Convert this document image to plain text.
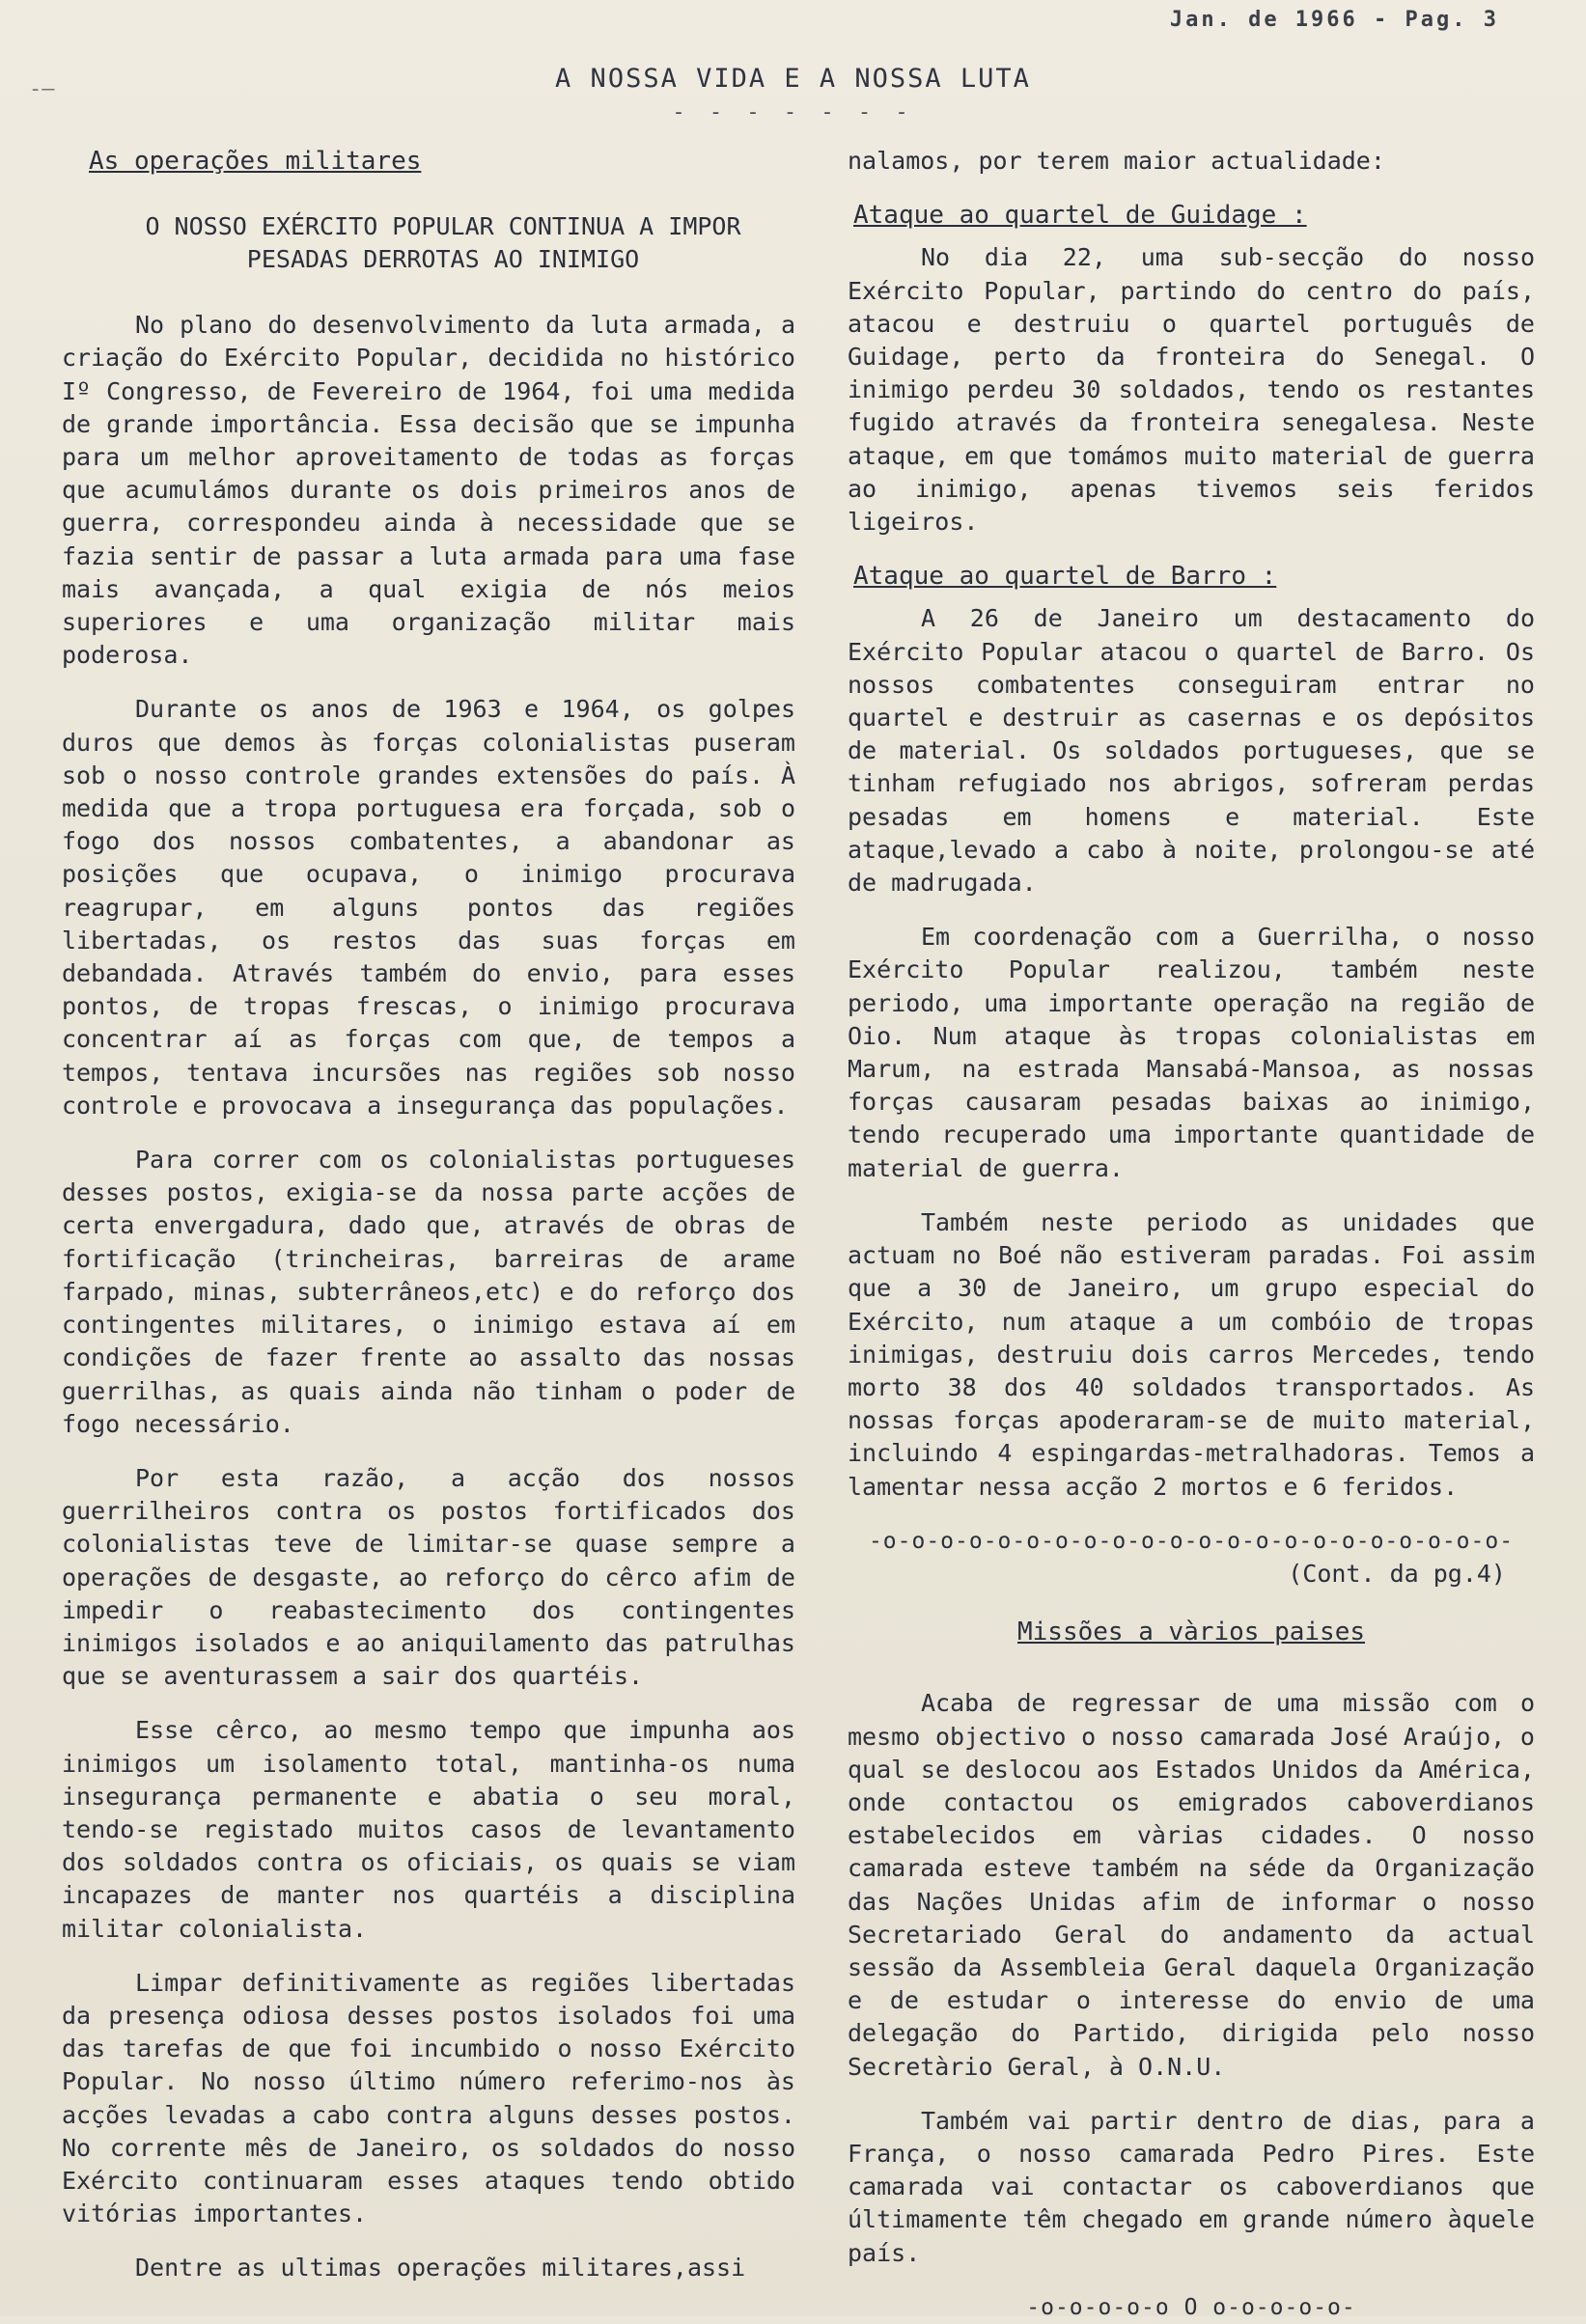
-‒
Jan. de 1966 - Pag. 3
A NOSSA VIDA E A NOSSA LUTA
- - - - - - -
As operações militares
O NOSSO EXÉRCITO POPULAR CONTINUA A IMPOR
PESADAS DERROTAS AO INIMIGO

No plano do desenvolvimento da luta armada, a criação do Exército Popular, decidida no histórico Iº Congresso, de Fevereiro de 1964, foi uma medida de grande importância. Essa decisão que se impunha para um melhor aproveitamento de todas as forças que acumulámos durante os dois primeiros anos de guerra, correspondeu ainda à necessidade que se fazia sentir de passar a luta armada para uma fase mais avançada, a qual exigia de nós meios superiores e uma organização militar mais poderosa.

Durante os anos de 1963 e 1964, os golpes duros que demos às forças colonialistas puseram sob o nosso controle grandes extensões do país. À medida que a tropa portuguesa era forçada, sob o fogo dos nossos combatentes, a abandonar as posições que ocupava, o inimigo procurava reagrupar, em alguns pontos das regiões libertadas, os restos das suas forças em debandada. Através também do envio, para esses pontos, de tropas frescas, o inimigo procurava concentrar aí as forças com que, de tempos a tempos, tentava incursões nas regiões sob nosso controle e provocava a insegurança das populações.

Para correr com os colonialistas portugueses desses postos, exigia-se da nossa parte acções de certa envergadura, dado que, através de obras de fortificação (trincheiras, barreiras de arame farpado, minas, subterrâneos,etc) e do reforço dos contingentes militares, o inimigo estava aí em condições de fazer frente ao assalto das nossas guerrilhas, as quais ainda não tinham o poder de fogo necessário.

Por esta razão, a acção dos nossos guerrilheiros contra os postos fortificados dos colonialistas teve de limitar-se quase sempre a operações de desgaste, ao reforço do cêrco afim de impedir o reabastecimento dos contingentes inimigos isolados e ao aniquilamento das patrulhas que se aventurassem a sair dos quartéis.

Esse cêrco, ao mesmo tempo que impunha aos inimigos um isolamento total, mantinha-os numa insegurança permanente e abatia o seu moral, tendo-se registado muitos casos de levantamento dos soldados contra os oficiais, os quais se viam incapazes de manter nos quartéis a disciplina militar colonialista.

Limpar definitivamente as regiões libertadas da presença odiosa desses postos isolados foi uma das tarefas de que foi incumbido o nosso Exército Popular. No nosso último número referimo-nos às acções levadas a cabo contra alguns desses postos. No corrente mês de Janeiro, os soldados do nosso Exército continuaram esses ataques tendo obtido vitórias importantes.

Dentre as ultimas operações militares,assi

nalamos, por terem maior actualidade:

Ataque ao quartel de Guidage :

No dia 22, uma sub-secção do nosso Exército Popular, partindo do centro do país, atacou e destruiu o quartel português de Guidage, perto da fronteira do Senegal. O inimigo perdeu 30 soldados, tendo os restantes fugido através da fronteira senegalesa. Neste ataque, em que tomámos muito material de guerra ao inimigo, apenas tivemos seis feridos ligeiros.

Ataque ao quartel de Barro :

A 26 de Janeiro um destacamento do Exército Popular atacou o quartel de Barro. Os nossos combatentes conseguiram entrar no quartel e destruir as casernas e os depósitos de material. Os soldados portugueses, que se tinham refugiado nos abrigos, sofreram perdas pesadas em homens e material. Este ataque,levado a cabo à noite, prolongou-se até de madrugada.

Em coordenação com a Guerrilha, o nosso Exército Popular realizou, também neste periodo, uma importante operação na região de Oio. Num ataque às tropas colonialistas em Marum, na estrada Mansabá-Mansoa, as nossas forças causaram pesadas baixas ao inimigo, tendo recuperado uma importante quantidade de material de guerra.

Também neste periodo as unidades que actuam no Boé não estiveram paradas. Foi assim que a 30 de Janeiro, um grupo especial do Exército, num ataque a um combóio de tropas inimigas, destruiu dois carros Mercedes, tendo morto 38 dos 40 soldados transportados. As nossas forças apoderaram-se de muito material, incluindo 4 espingardas-metralhadoras. Temos a lamentar nessa acção 2 mortos e 6 feridos.

-o-o-o-o-o-o-o-o-o-o-o-o-o-o-o-o-o-o-o-o-o-o-
(Cont. da pg.4)
Missões a vàrios paises

Acaba de regressar de uma missão com o mesmo objectivo o nosso camarada José Araújo, o qual se deslocou aos Estados Unidos da América, onde contactou os emigrados caboverdianos estabelecidos em vàrias cidades. O nosso camarada esteve também na séde da Organização das Nações Unidas afim de informar o nosso Secretariado Geral do andamento da actual sessão da Assembleia Geral daquela Organização e de estudar o interesse do envio de uma delegação do Partido, dirigida pelo nosso Secretàrio Geral, à O.N.U.

Também vai partir dentro de dias, para a França, o nosso camarada Pedro Pires. Este camarada vai contactar os caboverdianos que últimamente têm chegado em grande número àquele país.

-o-o-o-o-o O o-o-o-o-o-
